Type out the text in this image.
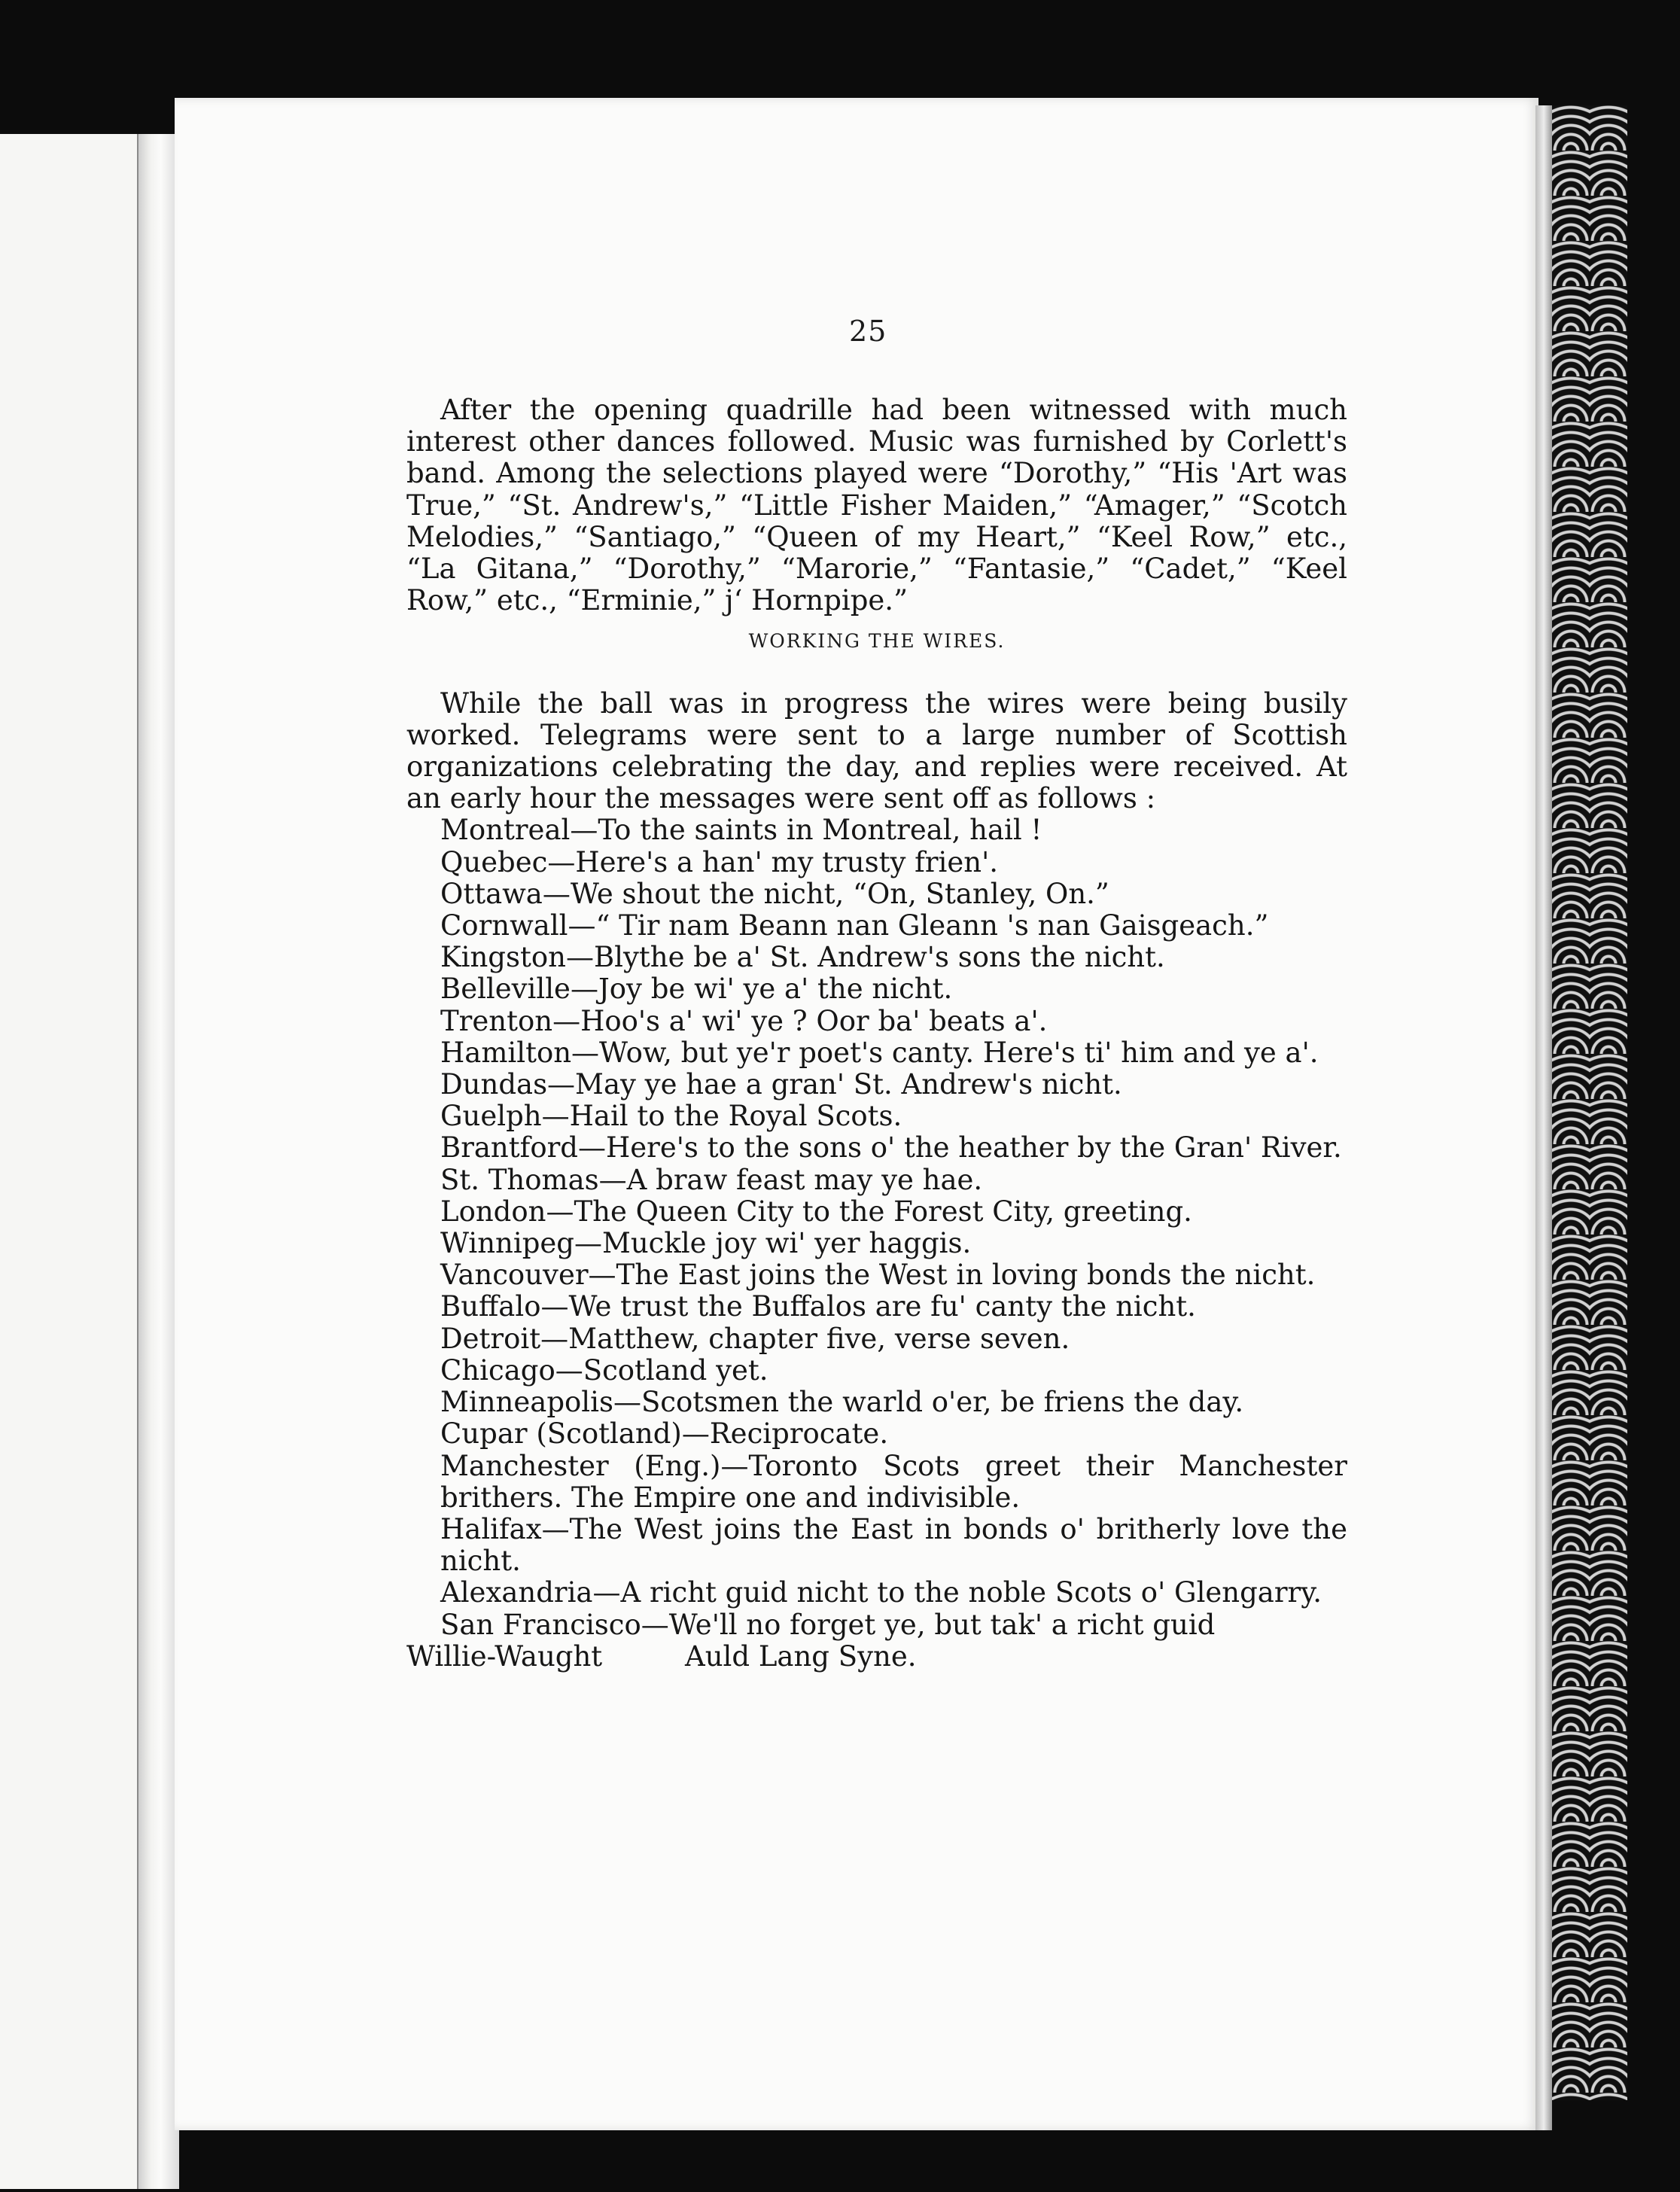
25

After the opening quadrille had been witnessed with much interest other dances followed. Music was furnished by Corlett's band. Among the selections played were “Dorothy,” “His 'Art was True,” “St. Andrew's,” “Little Fisher Maiden,” “Amager,” “Scotch Melodies,” “Santiago,” “Queen of my Heart,” “Keel Row,” etc., “La Gitana,” “Dorothy,” “Marorie,” “Fantasie,” “Cadet,” “Keel Row,” etc., “Erminie,” j‘ Hornpipe.”

WORKING THE WIRES.

While the ball was in progress the wires were being busily worked. Telegrams were sent to a large number of Scottish organizations celebrating the day, and replies were received. At an early hour the messages were sent off as follows :

Montreal—To the saints in Montreal, hail !

Quebec—Here's a han' my trusty frien'.

Ottawa—We shout the nicht, “On, Stanley, On.”

Cornwall—“ Tir nam Beann nan Gleann 's nan Gaisgeach.”

Kingston—Blythe be a' St. Andrew's sons the nicht.

Belleville—Joy be wi' ye a' the nicht.

Trenton—Hoo's a' wi' ye ? Oor ba' beats a'.

Hamilton—Wow, but ye'r poet's canty. Here's ti' him and ye a'.

Dundas—May ye hae a gran' St. Andrew's nicht.

Guelph—Hail to the Royal Scots.

Brantford—Here's to the sons o' the heather by the Gran' River.

St. Thomas—A braw feast may ye hae.

London—The Queen City to the Forest City, greeting.

Winnipeg—Muckle joy wi' yer haggis.

Vancouver—The East joins the West in loving bonds the nicht.

Buffalo—We trust the Buffalos are fu' canty the nicht.

Detroit—Matthew, chapter five, verse seven.

Chicago—Scotland yet.

Minneapolis—Scotsmen the warld o'er, be friens the day.

Cupar (Scotland)—Reciprocate.

Manchester (Eng.)—Toronto Scots greet their Manchester brithers. The Empire one and indivisible.

Halifax—The West joins the East in bonds o' britherly love the nicht.

Alexandria—A richt guid nicht to the noble Scots o' Glengarry.

San Francisco—We'll no forget ye, but tak' a richt guid

Willie-Waught	Auld Lang Syne.
